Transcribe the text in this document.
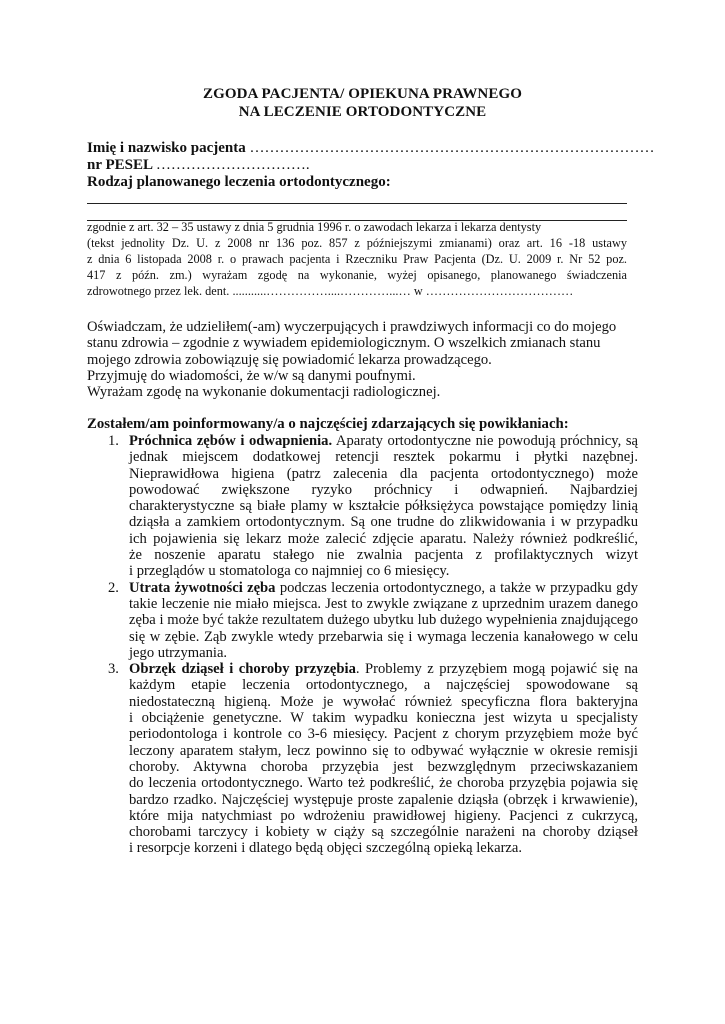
ZGODA PACJENTA/ OPIEKUNA PRAWNEGO
NA LECZENIE ORTODONTYCZNE
Imię i nazwisko pacjenta ………………………………………………………………………
nr PESEL ………………………….
Rodzaj planowanego leczenia ortodontycznego:
zgodnie z art. 32 – 35 ustawy z dnia 5 grudnia 1996 r. o zawodach lekarza i lekarza dentysty
(tekst jednolity Dz. U. z 2008 nr 136 poz. 857 z późniejszymi zmianami) oraz art. 16 -18 ustawy
z dnia 6 listopada 2008 r. o prawach pacjenta i Rzeczniku Praw Pacjenta (Dz. U. 2009 r. Nr 52 poz.
417 z późn. zm.) wyrażam zgodę na wykonanie, wyżej opisanego, planowanego świadczenia
zdrowotnego przez lek. dent. ...........……………....…………...… w ………………………………
Oświadczam, że udzieliłem(-am) wyczerpujących i prawdziwych informacji co do mojego
stanu zdrowia – zgodnie z wywiadem epidemiologicznym. O wszelkich zmianach stanu
mojego zdrowia zobowiązuję się powiadomić lekarza prowadzącego.
Przyjmuję do wiadomości, że w/w są danymi poufnymi.
Wyrażam zgodę na wykonanie dokumentacji radiologicznej.
Zostałem/am poinformowany/a o najczęściej zdarzających się powikłaniach:
1. Próchnica zębów i odwapnienia. Aparaty ortodontyczne nie powodują próchnicy, są
jednak miejscem dodatkowej retencji resztek pokarmu i płytki nazębnej.
Nieprawidłowa higiena (patrz zalecenia dla pacjenta ortodontycznego) może
powodować zwiększone ryzyko próchnicy i odwapnień. Najbardziej
charakterystyczne są białe plamy w kształcie półksiężyca powstające pomiędzy linią
dziąsła a zamkiem ortodontycznym. Są one trudne do zlikwidowania i w przypadku
ich pojawienia się lekarz może zalecić zdjęcie aparatu. Należy również podkreślić,
że noszenie aparatu stałego nie zwalnia pacjenta z profilaktycznych wizyt
i przeglądów u stomatologa co najmniej co 6 miesięcy.
2. Utrata żywotności zęba podczas leczenia ortodontycznego, a także w przypadku gdy
takie leczenie nie miało miejsca. Jest to zwykle związane z uprzednim urazem danego
zęba i może być także rezultatem dużego ubytku lub dużego wypełnienia znajdującego
się w zębie. Ząb zwykle wtedy przebarwia się i wymaga leczenia kanałowego w celu
jego utrzymania.
3. Obrzęk dziąseł i choroby przyzębia. Problemy z przyzębiem mogą pojawić się na
każdym etapie leczenia ortodontycznego, a najczęściej spowodowane są
niedostateczną higieną. Może je wywołać również specyficzna flora bakteryjna
i obciążenie genetyczne. W takim wypadku konieczna jest wizyta u specjalisty
periodontologa i kontrole co 3-6 miesięcy. Pacjent z chorym przyzębiem może być
leczony aparatem stałym, lecz powinno się to odbywać wyłącznie w okresie remisji
choroby. Aktywna choroba przyzębia jest bezwzględnym przeciwskazaniem
do leczenia ortodontycznego. Warto też podkreślić, że choroba przyzębia pojawia się
bardzo rzadko. Najczęściej występuje proste zapalenie dziąsła (obrzęk i krwawienie),
które mija natychmiast po wdrożeniu prawidłowej higieny. Pacjenci z cukrzycą,
chorobami tarczycy i kobiety w ciąży są szczególnie narażeni na choroby dziąseł
i resorpcje korzeni i dlatego będą objęci szczególną opieką lekarza.
